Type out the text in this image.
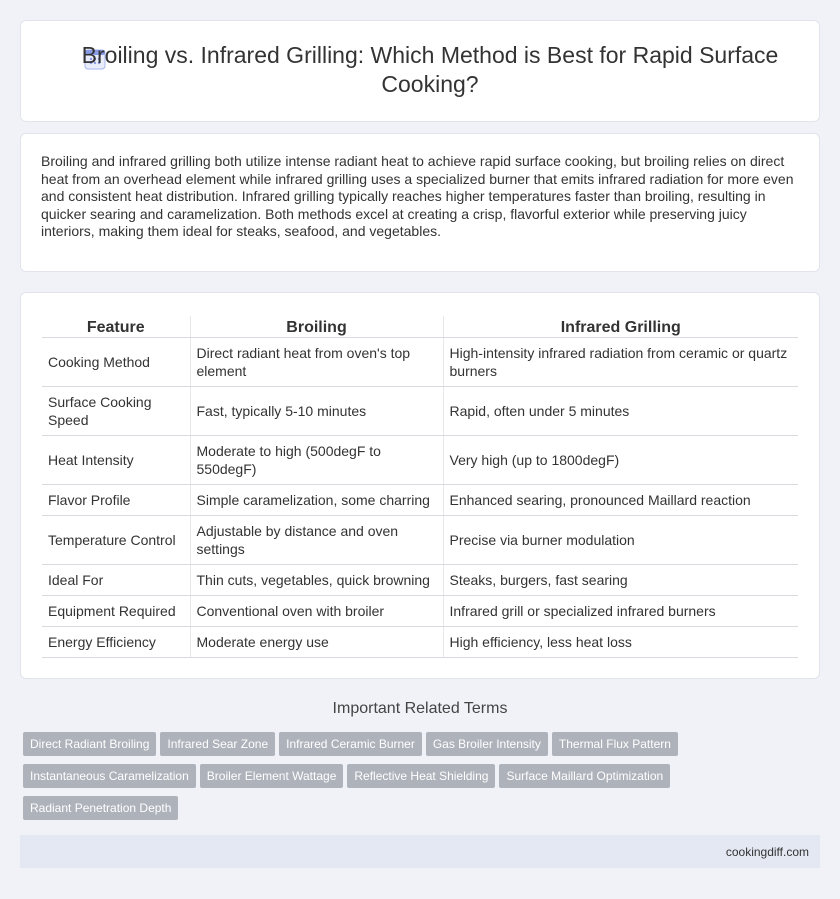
Broiling vs. Infrared Grilling: Which Method is Best for Rapid Surface Cooking?

Broiling and infrared grilling both utilize intense radiant heat to achieve rapid surface cooking, but broiling relies on direct heat from an overhead element while infrared grilling uses a specialized burner that emits infrared radiation for more even and consistent heat distribution. Infrared grilling typically reaches higher temperatures faster than broiling, resulting in quicker searing and caramelization. Both methods excel at creating a crisp, flavorful exterior while preserving juicy interiors, making them ideal for steaks, seafood, and vegetables.

Feature	Broiling	Infrared Grilling
Cooking Method	Direct radiant heat from oven's top element	High-intensity infrared radiation from ceramic or quartz burners
Surface Cooking Speed	Fast, typically 5-10 minutes	Rapid, often under 5 minutes
Heat Intensity	Moderate to high (500degF to 550degF)	Very high (up to 1800degF)
Flavor Profile	Simple caramelization, some charring	Enhanced searing, pronounced Maillard reaction
Temperature Control	Adjustable by distance and oven settings	Precise via burner modulation
Ideal For	Thin cuts, vegetables, quick browning	Steaks, burgers, fast searing
Equipment Required	Conventional oven with broiler	Infrared grill or specialized infrared burners
Energy Efficiency	Moderate energy use	High efficiency, less heat loss
Important Related Terms
Direct Radiant Broiling Infrared Sear Zone Infrared Ceramic Burner Gas Broiler Intensity Thermal Flux Pattern
Instantaneous Caramelization Broiler Element Wattage Reflective Heat Shielding Surface Maillard Optimization
Radiant Penetration Depth
cookingdiff.com
